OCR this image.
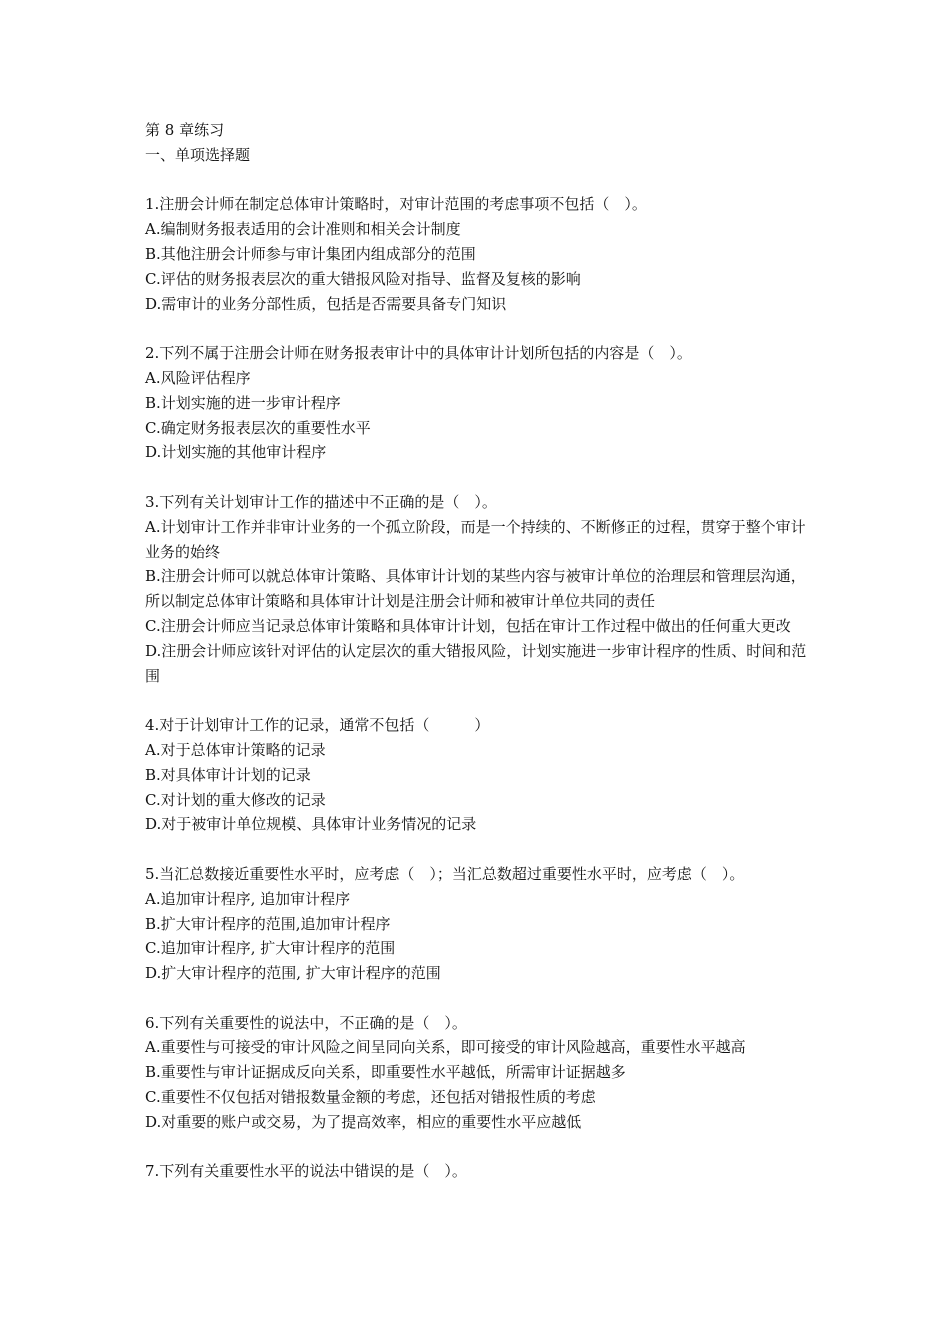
第 8 章练习
一、单项选择题
1.注册会计师在制定总体审计策略时，对审计范围的考虑事项不包括（　）。
A.编制财务报表适用的会计准则和相关会计制度
B.其他注册会计师参与审计集团内组成部分的范围
C.评估的财务报表层次的重大错报风险对指导、监督及复核的影响
D.需审计的业务分部性质，包括是否需要具备专门知识
2.下列不属于注册会计师在财务报表审计中的具体审计计划所包括的内容是（　）。
A.风险评估程序
B.计划实施的进一步审计程序
C.确定财务报表层次的重要性水平
D.计划实施的其他审计程序
3.下列有关计划审计工作的描述中不正确的是（　）。
A.计划审计工作并非审计业务的一个孤立阶段，而是一个持续的、不断修正的过程，贯穿于整个审计业务的始终
B.注册会计师可以就总体审计策略、具体审计计划的某些内容与被审计单位的治理层和管理层沟通，所以制定总体审计策略和具体审计计划是注册会计师和被审计单位共同的责任
C.注册会计师应当记录总体审计策略和具体审计计划，包括在审计工作过程中做出的任何重大更改
D.注册会计师应该针对评估的认定层次的重大错报风险，计划实施进一步审计程序的性质、时间和范围
4.对于计划审计工作的记录，通常不包括（　　　）
A.对于总体审计策略的记录
B.对具体审计计划的记录
C.对计划的重大修改的记录
D.对于被审计单位规模、具体审计业务情况的记录
5.当汇总数接近重要性水平时，应考虑（　）；当汇总数超过重要性水平时，应考虑（　）。
A.追加审计程序, 追加审计程序
B.扩大审计程序的范围,追加审计程序
C.追加审计程序, 扩大审计程序的范围
D.扩大审计程序的范围, 扩大审计程序的范围
6.下列有关重要性的说法中，不正确的是（　）。
A.重要性与可接受的审计风险之间呈同向关系，即可接受的审计风险越高，重要性水平越高
B.重要性与审计证据成反向关系，即重要性水平越低，所需审计证据越多
C.重要性不仅包括对错报数量金额的考虑，还包括对错报性质的考虑
D.对重要的账户或交易，为了提高效率，相应的重要性水平应越低
7.下列有关重要性水平的说法中错误的是（　）。
